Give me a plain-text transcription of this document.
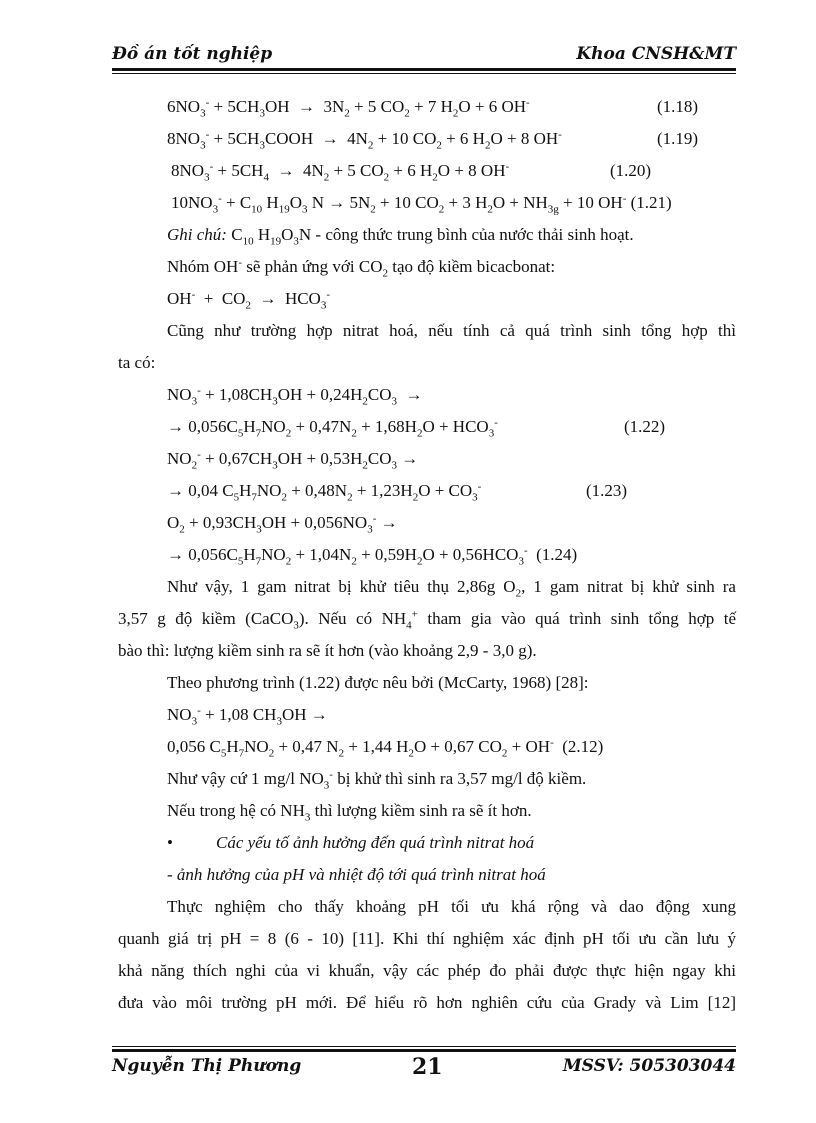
Đồ án tốt nghiệp	Khoa CNSH&MT
$6NO_3^- + 5CH_3OH \to 3N_2 + 5$ $CO_2 + 7$ $H_2O + 6$ OH-	(1.18)
$8NO_3^-$ + $5CH_3COOH \to 4N_2 + 10$ $CO_2 + 6$ $H_2O + 8$ OH-	(1.19)
$8NO_3^- + 5CH_4 \to 4N_2 + 5$ $CO_2 + 6$ $H_2O + 8$ OH-	(1.20)
$10NO_3^- + C_{10}$ $H_{19}O_3$ $N \to 5N_2 + 10$ $CO_2 + 3$ $H_2O + NH_{3g} + 10$ OH- (1.21)
Ghi chú: $C_{10}$ $H_{19}O_3N$ - công thức trung bình của nước thải sinh hoạt.
Nhóm OH- sẽ phản ứng với $CO_2$ tạo độ kiềm bicacbonat:
$OH^- + CO_2 \to HCO_3^-$
Cũng như trường hợp nitrat hoá, nếu tính cả quá trình sinh tổng hợp thì
ta có:
$NO_3^- + 1,08CH_3OH + 0,24H_2CO_3$  →
→ $0,056C_5H_7NO_2 + 0,47N_2 + 1,68H_2O + HCO_3^-$	(1.22)
$NO_2^- + 0,67CH_3OH + 0,53H_2CO_3$ →
→ 0,04 $C_5H_7NO_2 + 0,48N_2 + 1,23H_2O + CO_3^-$	(1.23)
$O_2 + 0,93CH_3OH + 0,056NO_3^-$ →
→ $0,056C_5H_7NO_2 + 1,04N_2 + 0,59H_2O + 0,56HCO_3^-$  (1.24)
Như vậy, 1 gam nitrat bị khử tiêu thụ 2,86g $O_2$, 1 gam nitrat bị khử sinh ra
3,57 g độ kiềm (CaCO$_3$). Nếu có $NH_4^+$ tham gia vào quá trình sinh tổng hợp tế
bào thì: lượng kiềm sinh ra sẽ ít hơn (vào khoảng 2,9 - 3,0 g).
Theo phương trình (1.22) được nêu bởi (McCarty, 1968) [28]:
$NO_3^- + 1,08$ $CH_3OH$ →
0,056 $C_5H_7NO_2 + 0,47$ $N_2 + 1,44$ $H_2O + 0,67$ $CO_2 + OH^-$  (2.12)
Như vậy cứ 1 mg/l $NO_3^-$ bị khử thì sinh ra 3,57 mg/l độ kiềm.
Nếu trong hệ có $NH_3$ thì lượng kiềm sinh ra sẽ ít hơn.
•	Các yếu tố ảnh hưởng đến quá trình nitrat hoá
- ảnh hưởng của pH và nhiệt độ tới quá trình nitrat hoá
Thực nghiệm cho thấy khoảng pH tối ưu khá rộng và dao động xung
quanh giá trị pH = 8 (6 - 10) [11]. Khi thí nghiệm xác định pH tối ưu cần lưu ý
khả năng thích nghi của vi khuẩn, vậy các phép đo phải được thực hiện ngay khi
đưa vào môi trường pH mới. Để hiểu rõ hơn nghiên cứu của Grady và Lim [12]
Nguyễn Thị Phương	21	MSSV: 505303044
